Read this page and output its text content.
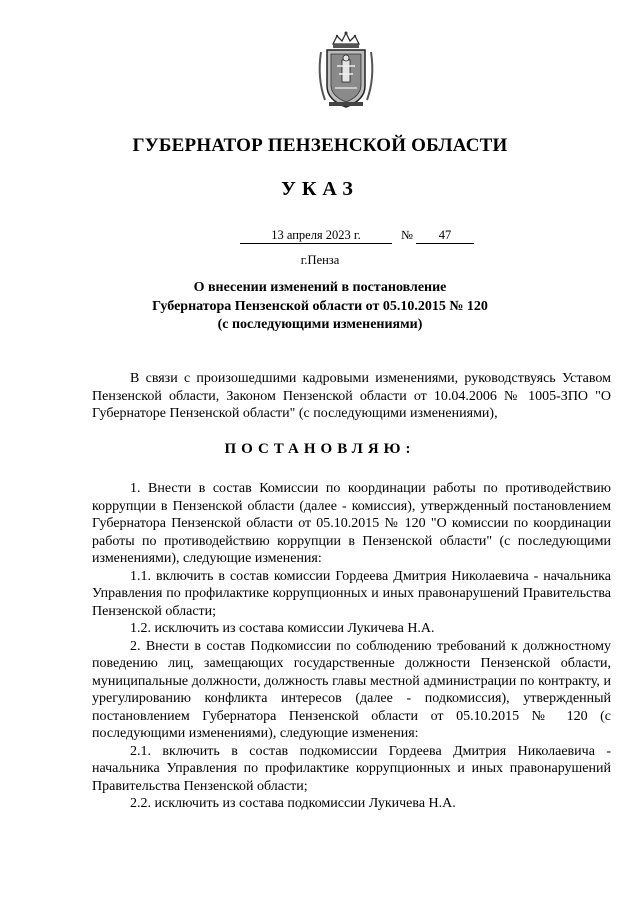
ГУБЕРНАТОР ПЕНЗЕНСКОЙ ОБЛАСТИ
УКАЗ
13 апреля 2023 г.	№	47
г.Пенза
О внесении изменений в постановление
Губернатора Пензенской области от 05.10.2015 № 120
(с последующими изменениями)

В связи с произошедшими кадровыми изменениями, руководствуясь Уставом Пензенской области, Законом Пензенской области от 10.04.2006 № 1005-ЗПО "О Губернаторе Пензенской области" (с последующими изменениями),

ПОСТАНОВЛЯЮ:

1. Внести в состав Комиссии по координации работы по противодействию коррупции в Пензенской области (далее - комиссия), утвержденный постановлением Губернатора Пензенской области от 05.10.2015 № 120 "О комиссии по координации работы по противодействию коррупции в Пензенской области" (с последующими изменениями), следующие изменения:

1.1. включить в состав комиссии Гордеева Дмитрия Николаевича - начальника Управления по профилактике коррупционных и иных правонарушений Правительства Пензенской области;

1.2. исключить из состава комиссии Лукичева Н.А.

2. Внести в состав Подкомиссии по соблюдению требований к должностному поведению лиц, замещающих государственные должности Пензенской области, муниципальные должности, должность главы местной администрации по контракту, и урегулированию конфликта интересов (далее - подкомиссия), утвержденный постановлением Губернатора Пензенской области от 05.10.2015 № 120 (с последующими изменениями), следующие изменения:

2.1. включить в состав подкомиссии Гордеева Дмитрия Николаевича - начальника Управления по профилактике коррупционных и иных правонарушений Правительства Пензенской области;

2.2. исключить из состава подкомиссии Лукичева Н.А.
